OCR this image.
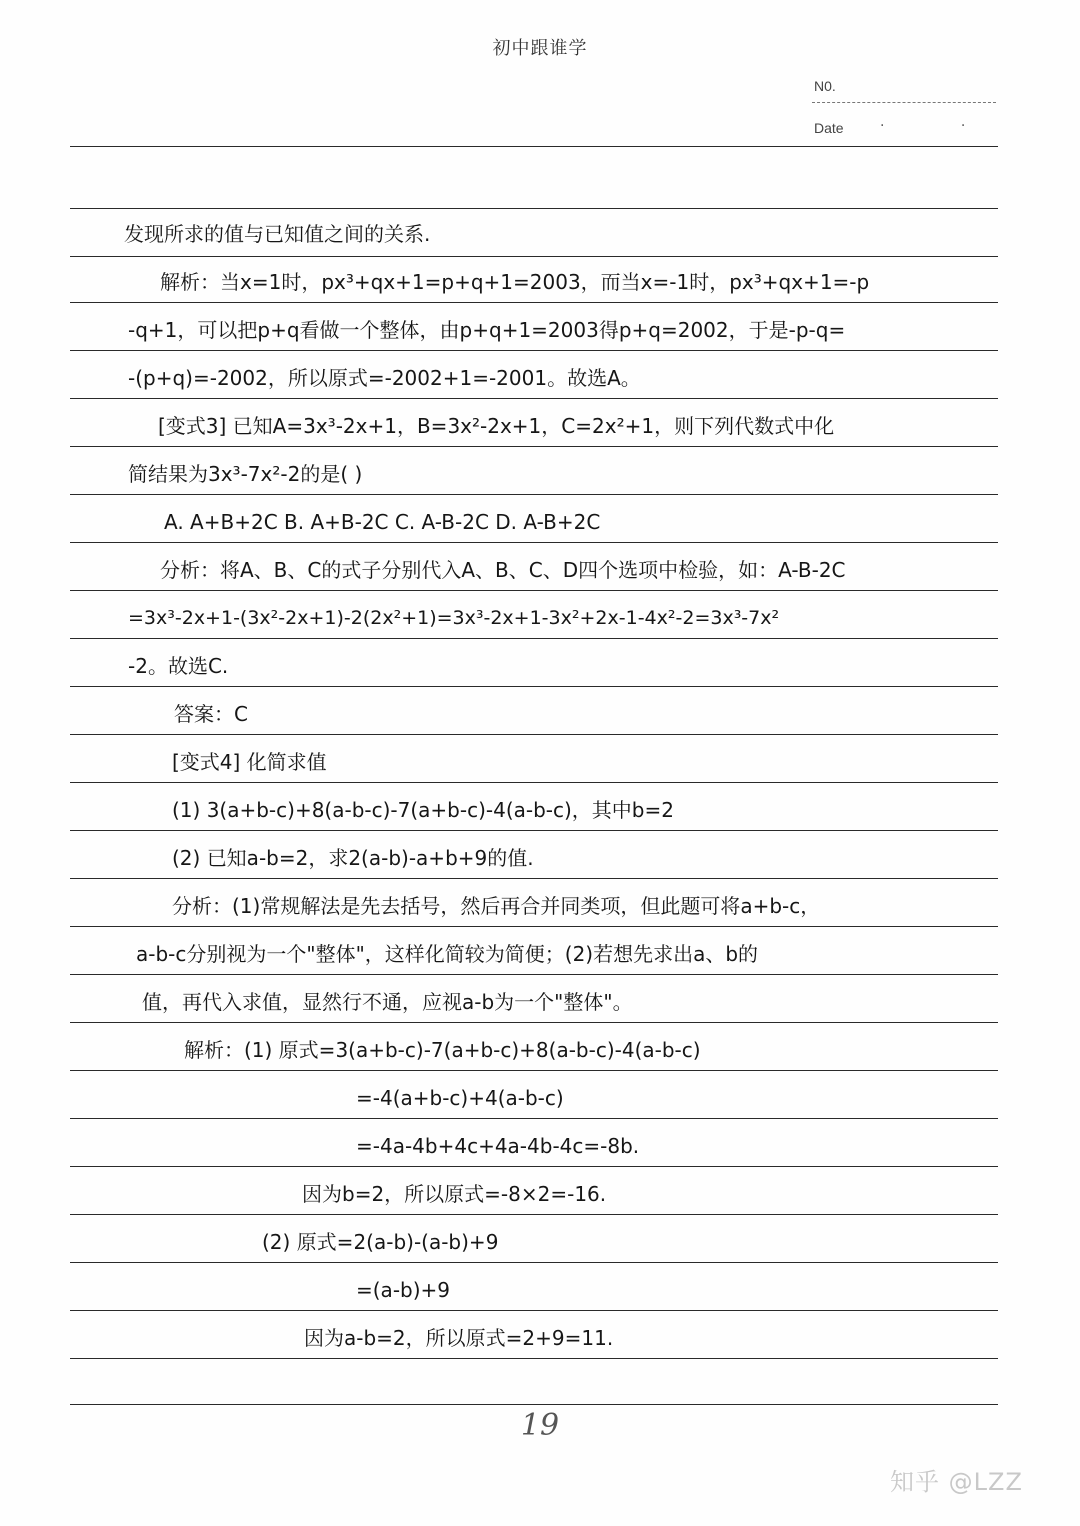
初中跟谁学
N0.
Date	· ·
发现所求的值与已知值之间的关系.
解析：当x=1时，px³+qx+1=p+q+1=2003，而当x=-1时，px³+qx+1=-p
-q+1，可以把p+q看做一个整体，由p+q+1=2003得p+q=2002，于是-p-q=
-(p+q)=-2002，所以原式=-2002+1=-2001。故选A。
[变式3] 已知A=3x³-2x+1，B=3x²-2x+1，C=2x²+1，则下列代数式中化
简结果为3x³-7x²-2的是( )
A. A+B+2C B. A+B-2C C. A-B-2C D. A-B+2C
分析：将A、B、C的式子分别代入A、B、C、D四个选项中检验，如：A-B-2C
=3x³-2x+1-(3x²-2x+1)-2(2x²+1)=3x³-2x+1-3x²+2x-1-4x²-2=3x³-7x²
-2。故选C.
答案：C
[变式4] 化简求值
(1) 3(a+b-c)+8(a-b-c)-7(a+b-c)-4(a-b-c)，其中b=2
(2) 已知a-b=2，求2(a-b)-a+b+9的值.
分析：(1)常规解法是先去括号，然后再合并同类项，但此题可将a+b-c，
a-b-c分别视为一个"整体"，这样化简较为简便；(2)若想先求出a、b的
值，再代入求值，显然行不通，应视a-b为一个"整体"。
解析：(1) 原式=3(a+b-c)-7(a+b-c)+8(a-b-c)-4(a-b-c)
=-4(a+b-c)+4(a-b-c)
=-4a-4b+4c+4a-4b-4c=-8b.
因为b=2，所以原式=-8×2=-16.
(2) 原式=2(a-b)-(a-b)+9
=(a-b)+9
因为a-b=2，所以原式=2+9=11.
19
知乎 @LZZ
